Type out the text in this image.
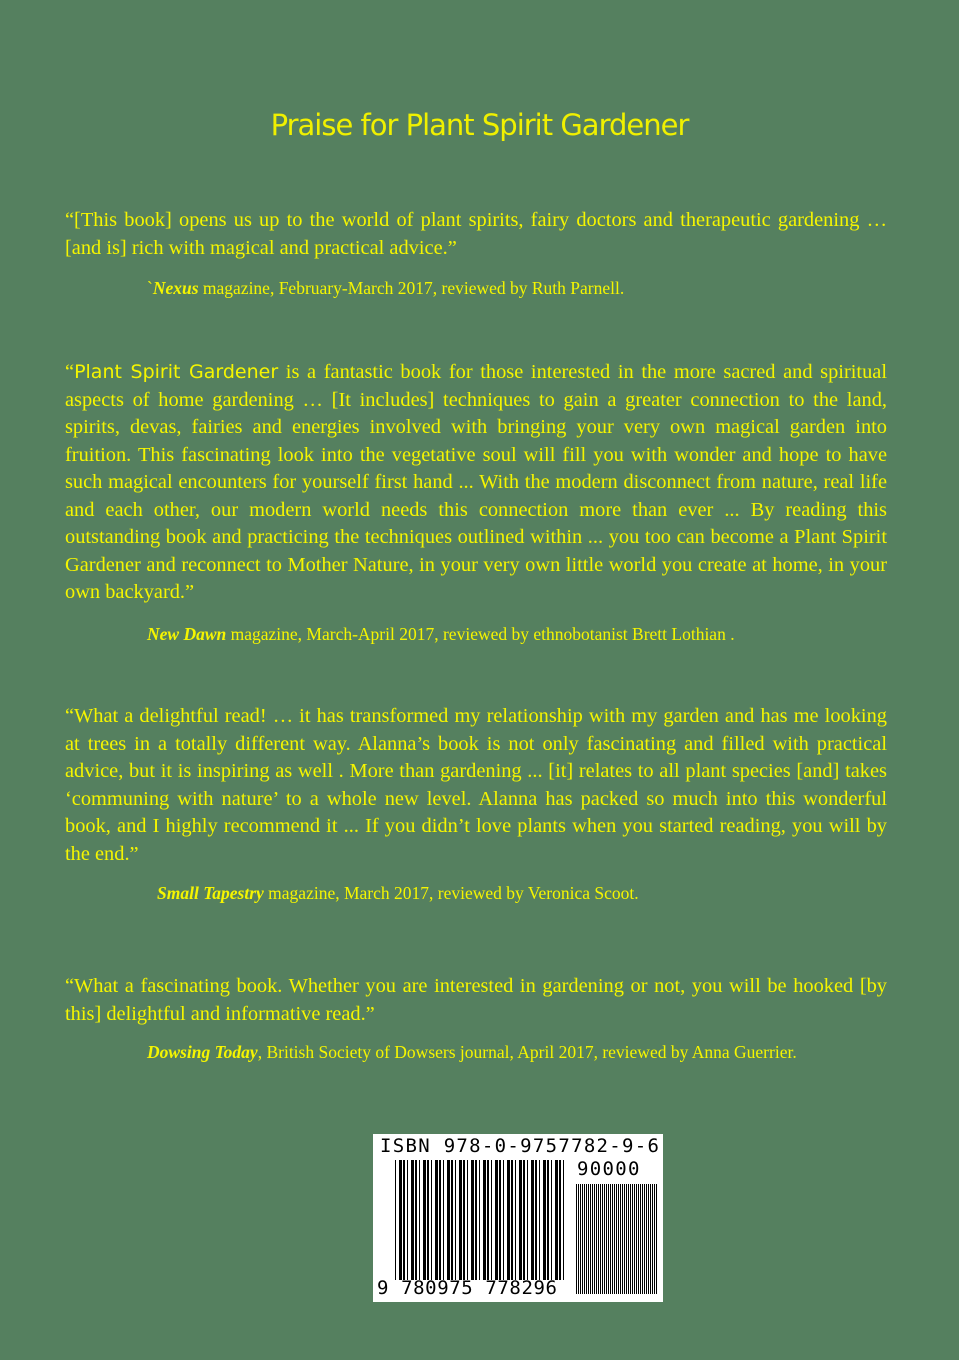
Praise for Plant Spirit Gardener

“[This book] opens us up to the world of plant spirits, fairy doctors and therapeutic gardening … [and is] rich with magical and practical advice.”

`Nexus magazine, February-March 2017, reviewed by Ruth Parnell.

“Plant Spirit Gardener is a fantastic book for those interested in the more sacred and spiritual aspects of home gardening … [It includes] techniques to gain a greater connection to the land, spirits, devas, fairies and energies involved with bringing your very own magical garden into fruition. This fascinating look into the vegetative soul will fill you with wonder and hope to have such magical encounters for yourself first hand ... With the modern disconnect from nature, real life and each other, our modern world needs this connection more than ever ... By reading this outstanding book and practicing the techniques outlined within ... you too can become a Plant Spirit Gardener and reconnect to Mother Nature, in your very own little world you create at home, in your own backyard.”

New Dawn magazine, March-April 2017, reviewed by ethnobotanist Brett Lothian .

“What a delightful read! … it has transformed my relationship with my garden and has me looking at trees in a totally different way. Alanna’s book is not only fascinating and filled with practical advice, but it is inspiring as well . More than gardening ... [it] relates to all plant species [and] takes ‘communing with nature’ to a whole new level. Alanna has packed so much into this wonderful book, and I highly recommend it ... If you didn’t love plants when you started reading, you will by the end.”

Small Tapestry magazine, March 2017, reviewed by Veronica Scoot.

“What a fascinating book. Whether you are interested in gardening or not, you will be hooked [by this] delightful and informative read.”

Dowsing Today, British Society of Dowsers journal, April 2017, reviewed by Anna Guerrier.
ISBN 978-0-9757782-9-6
90000
9 780975 778296
